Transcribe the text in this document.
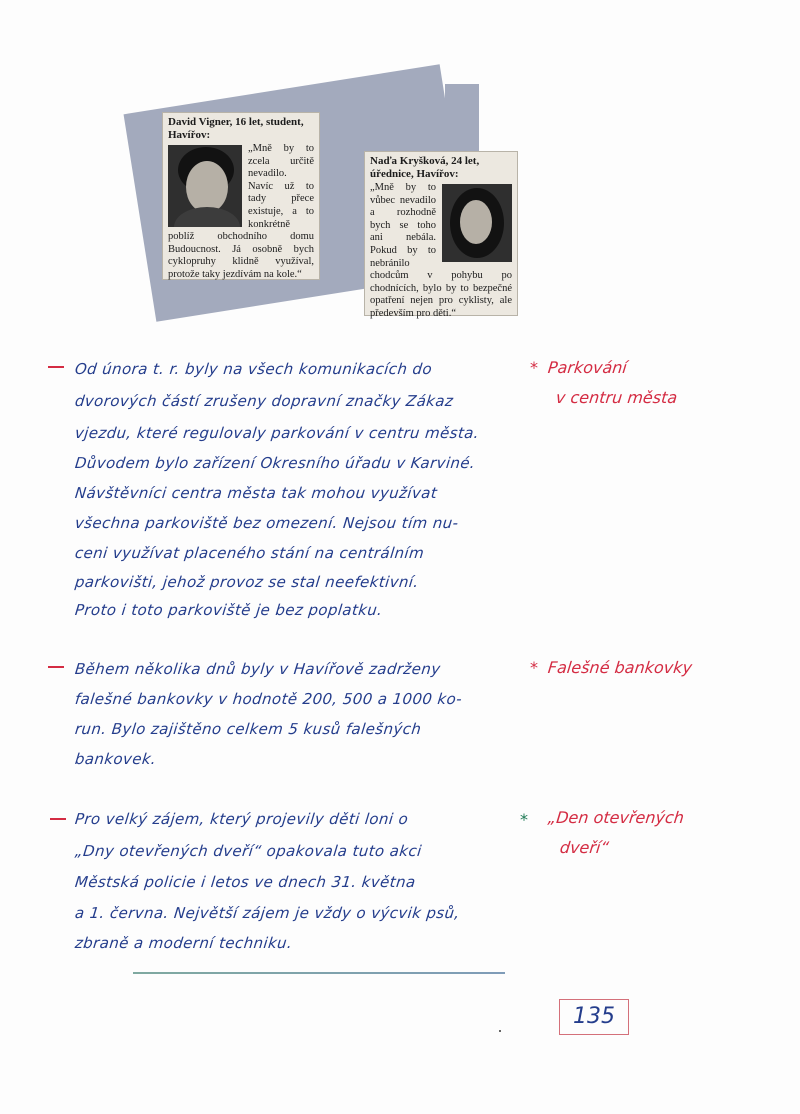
David Vigner, 16 let, student, Havířov:
„Mně by to zcela určitě nevadilo. Navíc už to tady přece existuje, a to konkrétně poblíž obchodního domu Budoucnost. Já osobně bych cyklopruhy klidně využíval, protože taky jezdívám na kole.“
Naďa Kryšková, 24 let, úřednice, Havířov:
„Mně by to vůbec nevadilo a rozhodně bych se toho ani nebála. Pokud by to nebránilo chodcům v pohybu po chodnících, bylo by to bezpečné opatření nejen pro cyklisty, ale především pro děti.“
Od února t. r. byly na všech komunikacích do
dvorových částí zrušeny dopravní značky Zákaz
vjezdu, které regulovaly parkování v centru města.
Důvodem bylo zařízení Okresního úřadu v Karviné.
Návštěvníci centra města tak mohou využívat
všechna parkoviště bez omezení. Nejsou tím nu-
ceni využívat placeného stání na centrálním
parkovišti, jehož provoz se stal neefektivní.
Proto i toto parkoviště je bez poplatku.
* Parkování
v centru města
Během několika dnů byly v Havířově zadrženy
falešné bankovky v hodnotě 200, 500 a 1000 ko-
run. Bylo zajištěno celkem 5 kusů falešných
bankovek.
* Falešné bankovky
Pro velký zájem, který projevily děti loni o
„Dny otevřených dveří“ opakovala tuto akci
Městská policie i letos ve dnech 31. května
a 1. června. Největší zájem je vždy o výcvik psů,
zbraně a moderní techniku.
* „Den otevřených
dveří“
135
